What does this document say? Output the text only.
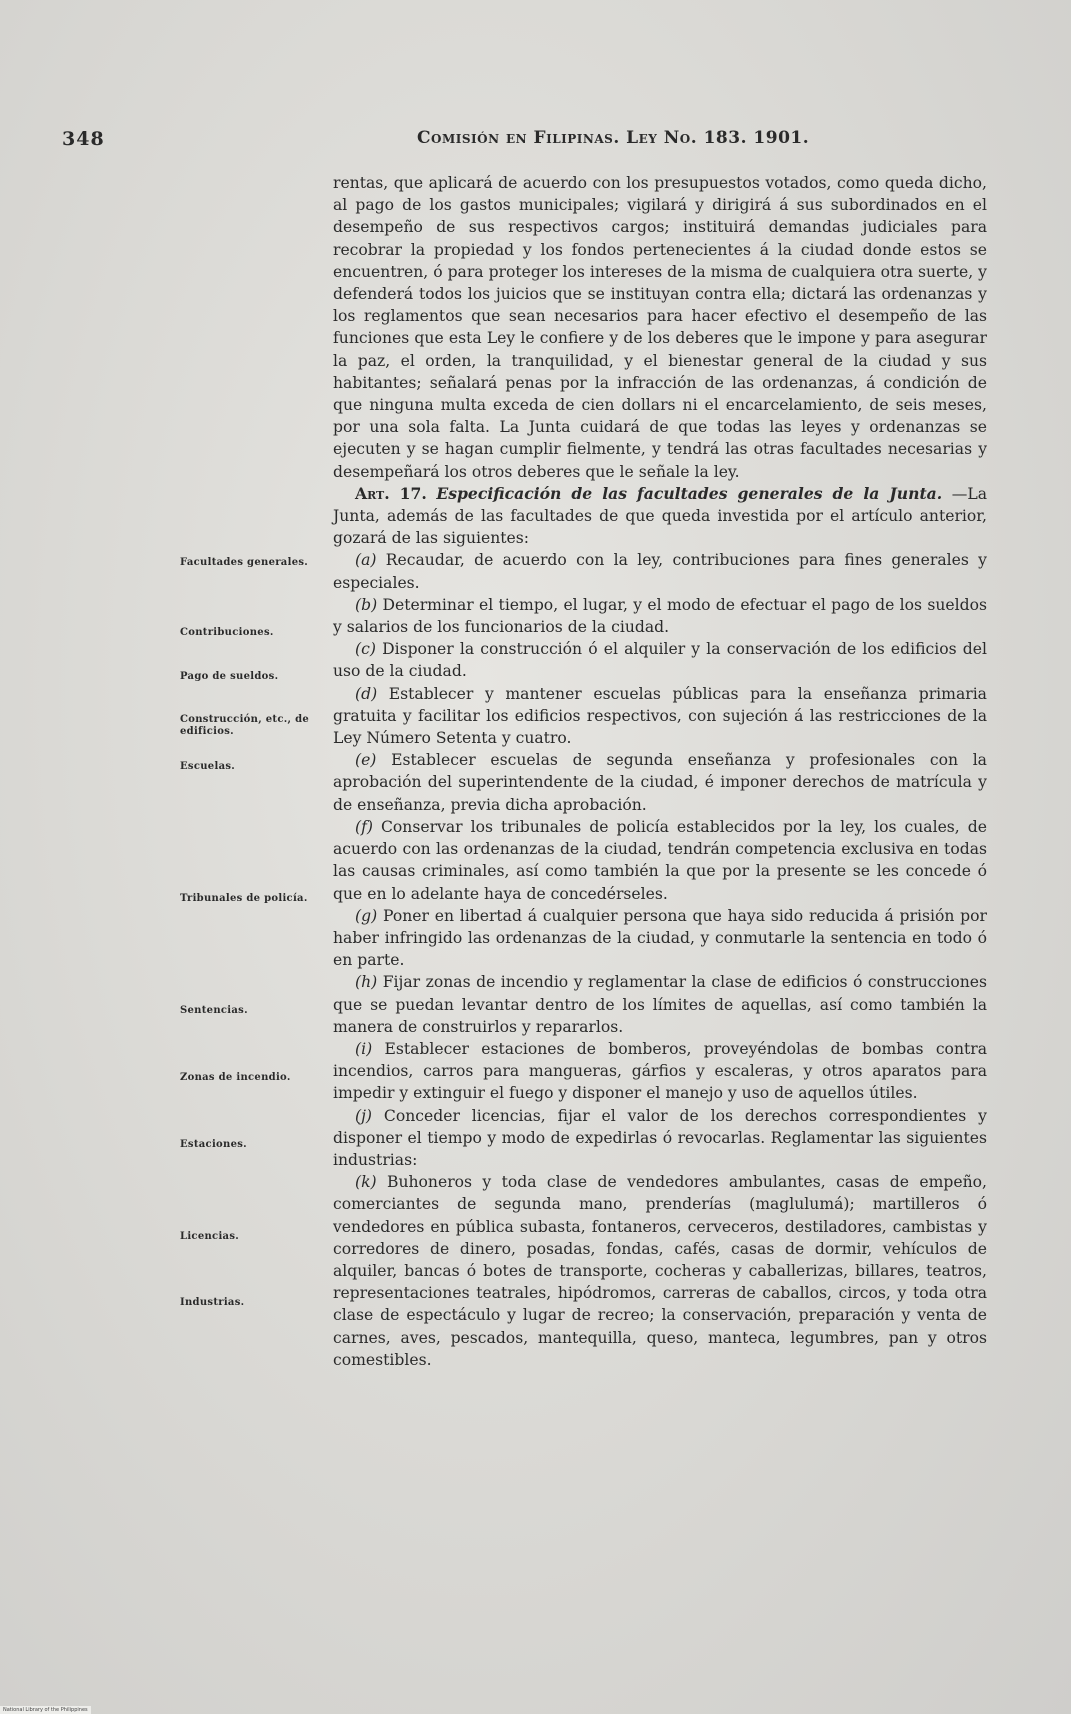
348	Comisión en Filipinas. Ley No. 183. 1901.
Facultades generales.
Contribuciones.
Pago de sueldos.
Construcción, etc., de edificios.
Escuelas.
Tribunales de policía.
Sentencias.
Zonas de incendio.
Estaciones.
Licencias.
Industrias.

rentas, que aplicará de acuerdo con los presupuestos votados, como queda dicho, al pago de los gastos municipales; vigilará y dirigirá á sus subordinados en el desempeño de sus respectivos cargos; instituirá demandas judiciales para recobrar la propiedad y los fondos pertenecientes á la ciudad donde estos se encuentren, ó para proteger los intereses de la misma de cualquiera otra suerte, y defenderá todos los juicios que se instituyan contra ella; dictará las ordenanzas y los reglamentos que sean necesarios para hacer efectivo el desempeño de las funciones que esta Ley le confiere y de los deberes que le impone y para asegurar la paz, el orden, la tranquilidad, y el bienestar general de la ciudad y sus habitantes; señalará penas por la infracción de las ordenanzas, á condición de que ninguna multa exceda de cien dollars ni el encarcelamiento, de seis meses, por una sola falta. La Junta cuidará de que todas las leyes y ordenanzas se ejecuten y se hagan cumplir fielmente, y tendrá las otras facultades necesarias y desempeñará los otros deberes que le señale la ley.

Art. 17. Especificación de las facultades generales de la Junta. —La Junta, además de las facultades de que queda investida por el artículo anterior, gozará de las siguientes:

(a) Recaudar, de acuerdo con la ley, contribuciones para fines generales y especiales.

(b) Determinar el tiempo, el lugar, y el modo de efectuar el pago de los sueldos y salarios de los funcionarios de la ciudad.

(c) Disponer la construcción ó el alquiler y la conservación de los edificios del uso de la ciudad.

(d) Establecer y mantener escuelas públicas para la enseñanza primaria gratuita y facilitar los edificios respectivos, con sujeción á las restricciones de la Ley Número Setenta y cuatro.

(e) Establecer escuelas de segunda enseñanza y profesionales con la aprobación del superintendente de la ciudad, é imponer derechos de matrícula y de enseñanza, previa dicha aprobación.

(f) Conservar los tribunales de policía establecidos por la ley, los cuales, de acuerdo con las ordenanzas de la ciudad, tendrán competencia exclusiva en todas las causas criminales, así como también la que por la presente se les concede ó que en lo adelante haya de concedérseles.

(g) Poner en libertad á cualquier persona que haya sido reducida á prisión por haber infringido las ordenanzas de la ciudad, y conmutarle la sentencia en todo ó en parte.

(h) Fijar zonas de incendio y reglamentar la clase de edificios ó construcciones que se puedan levantar dentro de los límites de aquellas, así como también la manera de construirlos y repararlos.

(i) Establecer estaciones de bomberos, proveyéndolas de bombas contra incendios, carros para mangueras, gárfios y escaleras, y otros aparatos para impedir y extinguir el fuego y disponer el manejo y uso de aquellos útiles.

(j) Conceder licencias, fijar el valor de los derechos correspondientes y disponer el tiempo y modo de expedirlas ó revocarlas. Reglamentar las siguientes industrias:

(k) Buhoneros y toda clase de vendedores ambulantes, casas de empeño, comerciantes de segunda mano, prenderías (maglulumá); martilleros ó vendedores en pública subasta, fontaneros, cerveceros, destiladores, cambistas y corredores de dinero, posadas, fondas, cafés, casas de dormir, vehículos de alquiler, bancas ó botes de transporte, cocheras y caballerizas, billares, teatros, representaciones teatrales, hipódromos, carreras de caballos, circos, y toda otra clase de espectáculo y lugar de recreo; la conservación, preparación y venta de carnes, aves, pescados, mantequilla, queso, manteca, legumbres, pan y otros comestibles.

National Library of the Philippines
